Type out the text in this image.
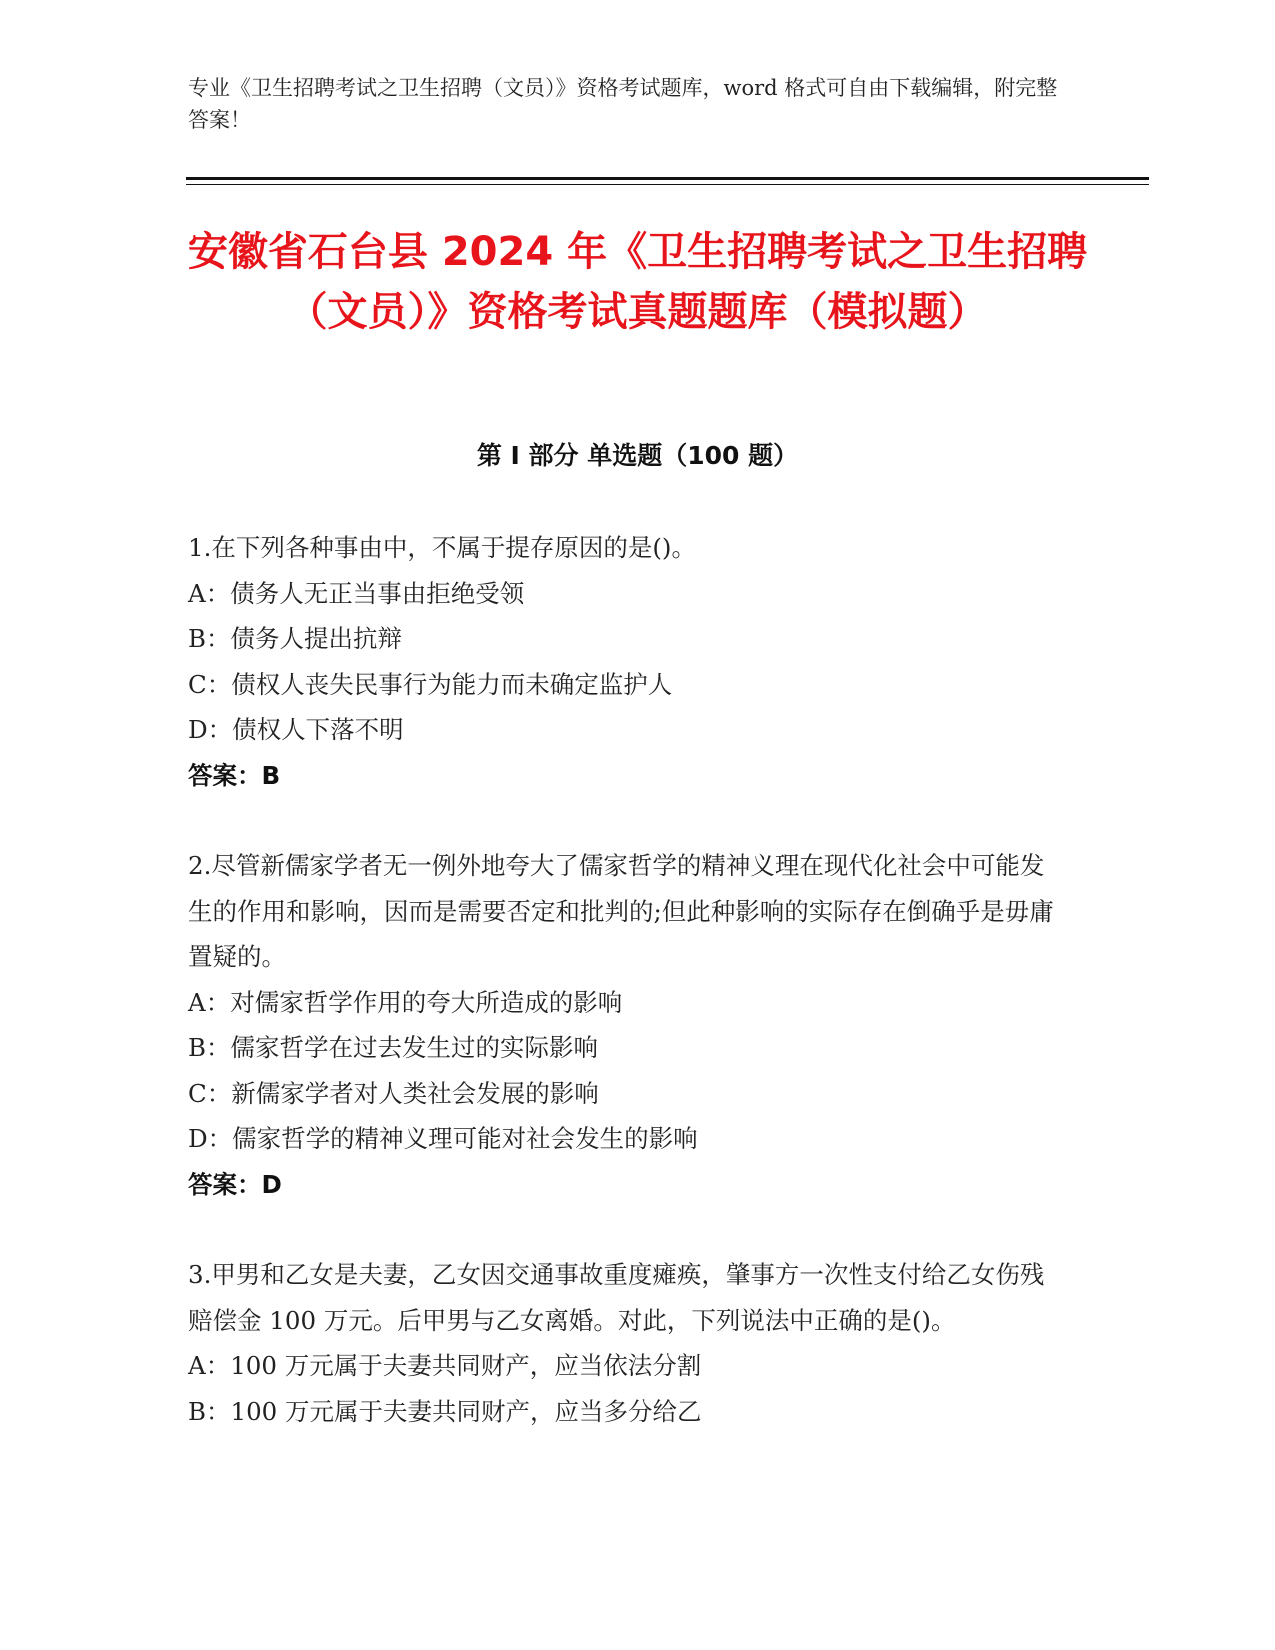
专业《卫生招聘考试之卫生招聘（文员）》资格考试题库，word 格式可自由下载编辑，附完整答案！
安徽省石台县 2024 年《卫生招聘考试之卫生招聘（文员）》资格考试真题题库（模拟题）
第 I 部分 单选题（100 题）

1.在下列各种事由中，不属于提存原因的是()。

A：债务人无正当事由拒绝受领

B：债务人提出抗辩

C：债权人丧失民事行为能力而未确定监护人

D：债权人下落不明

答案：B

2.尽管新儒家学者无一例外地夸大了儒家哲学的精神义理在现代化社会中可能发生的作用和影响，因而是需要否定和批判的;但此种影响的实际存在倒确乎是毋庸置疑的。

A：对儒家哲学作用的夸大所造成的影响

B：儒家哲学在过去发生过的实际影响

C：新儒家学者对人类社会发展的影响

D：儒家哲学的精神义理可能对社会发生的影响

答案：D

3.甲男和乙女是夫妻，乙女因交通事故重度瘫痪，肇事方一次性支付给乙女伤残赔偿金 100 万元。后甲男与乙女离婚。对此，下列说法中正确的是()。

A：100 万元属于夫妻共同财产，应当依法分割

B：100 万元属于夫妻共同财产，应当多分给乙
